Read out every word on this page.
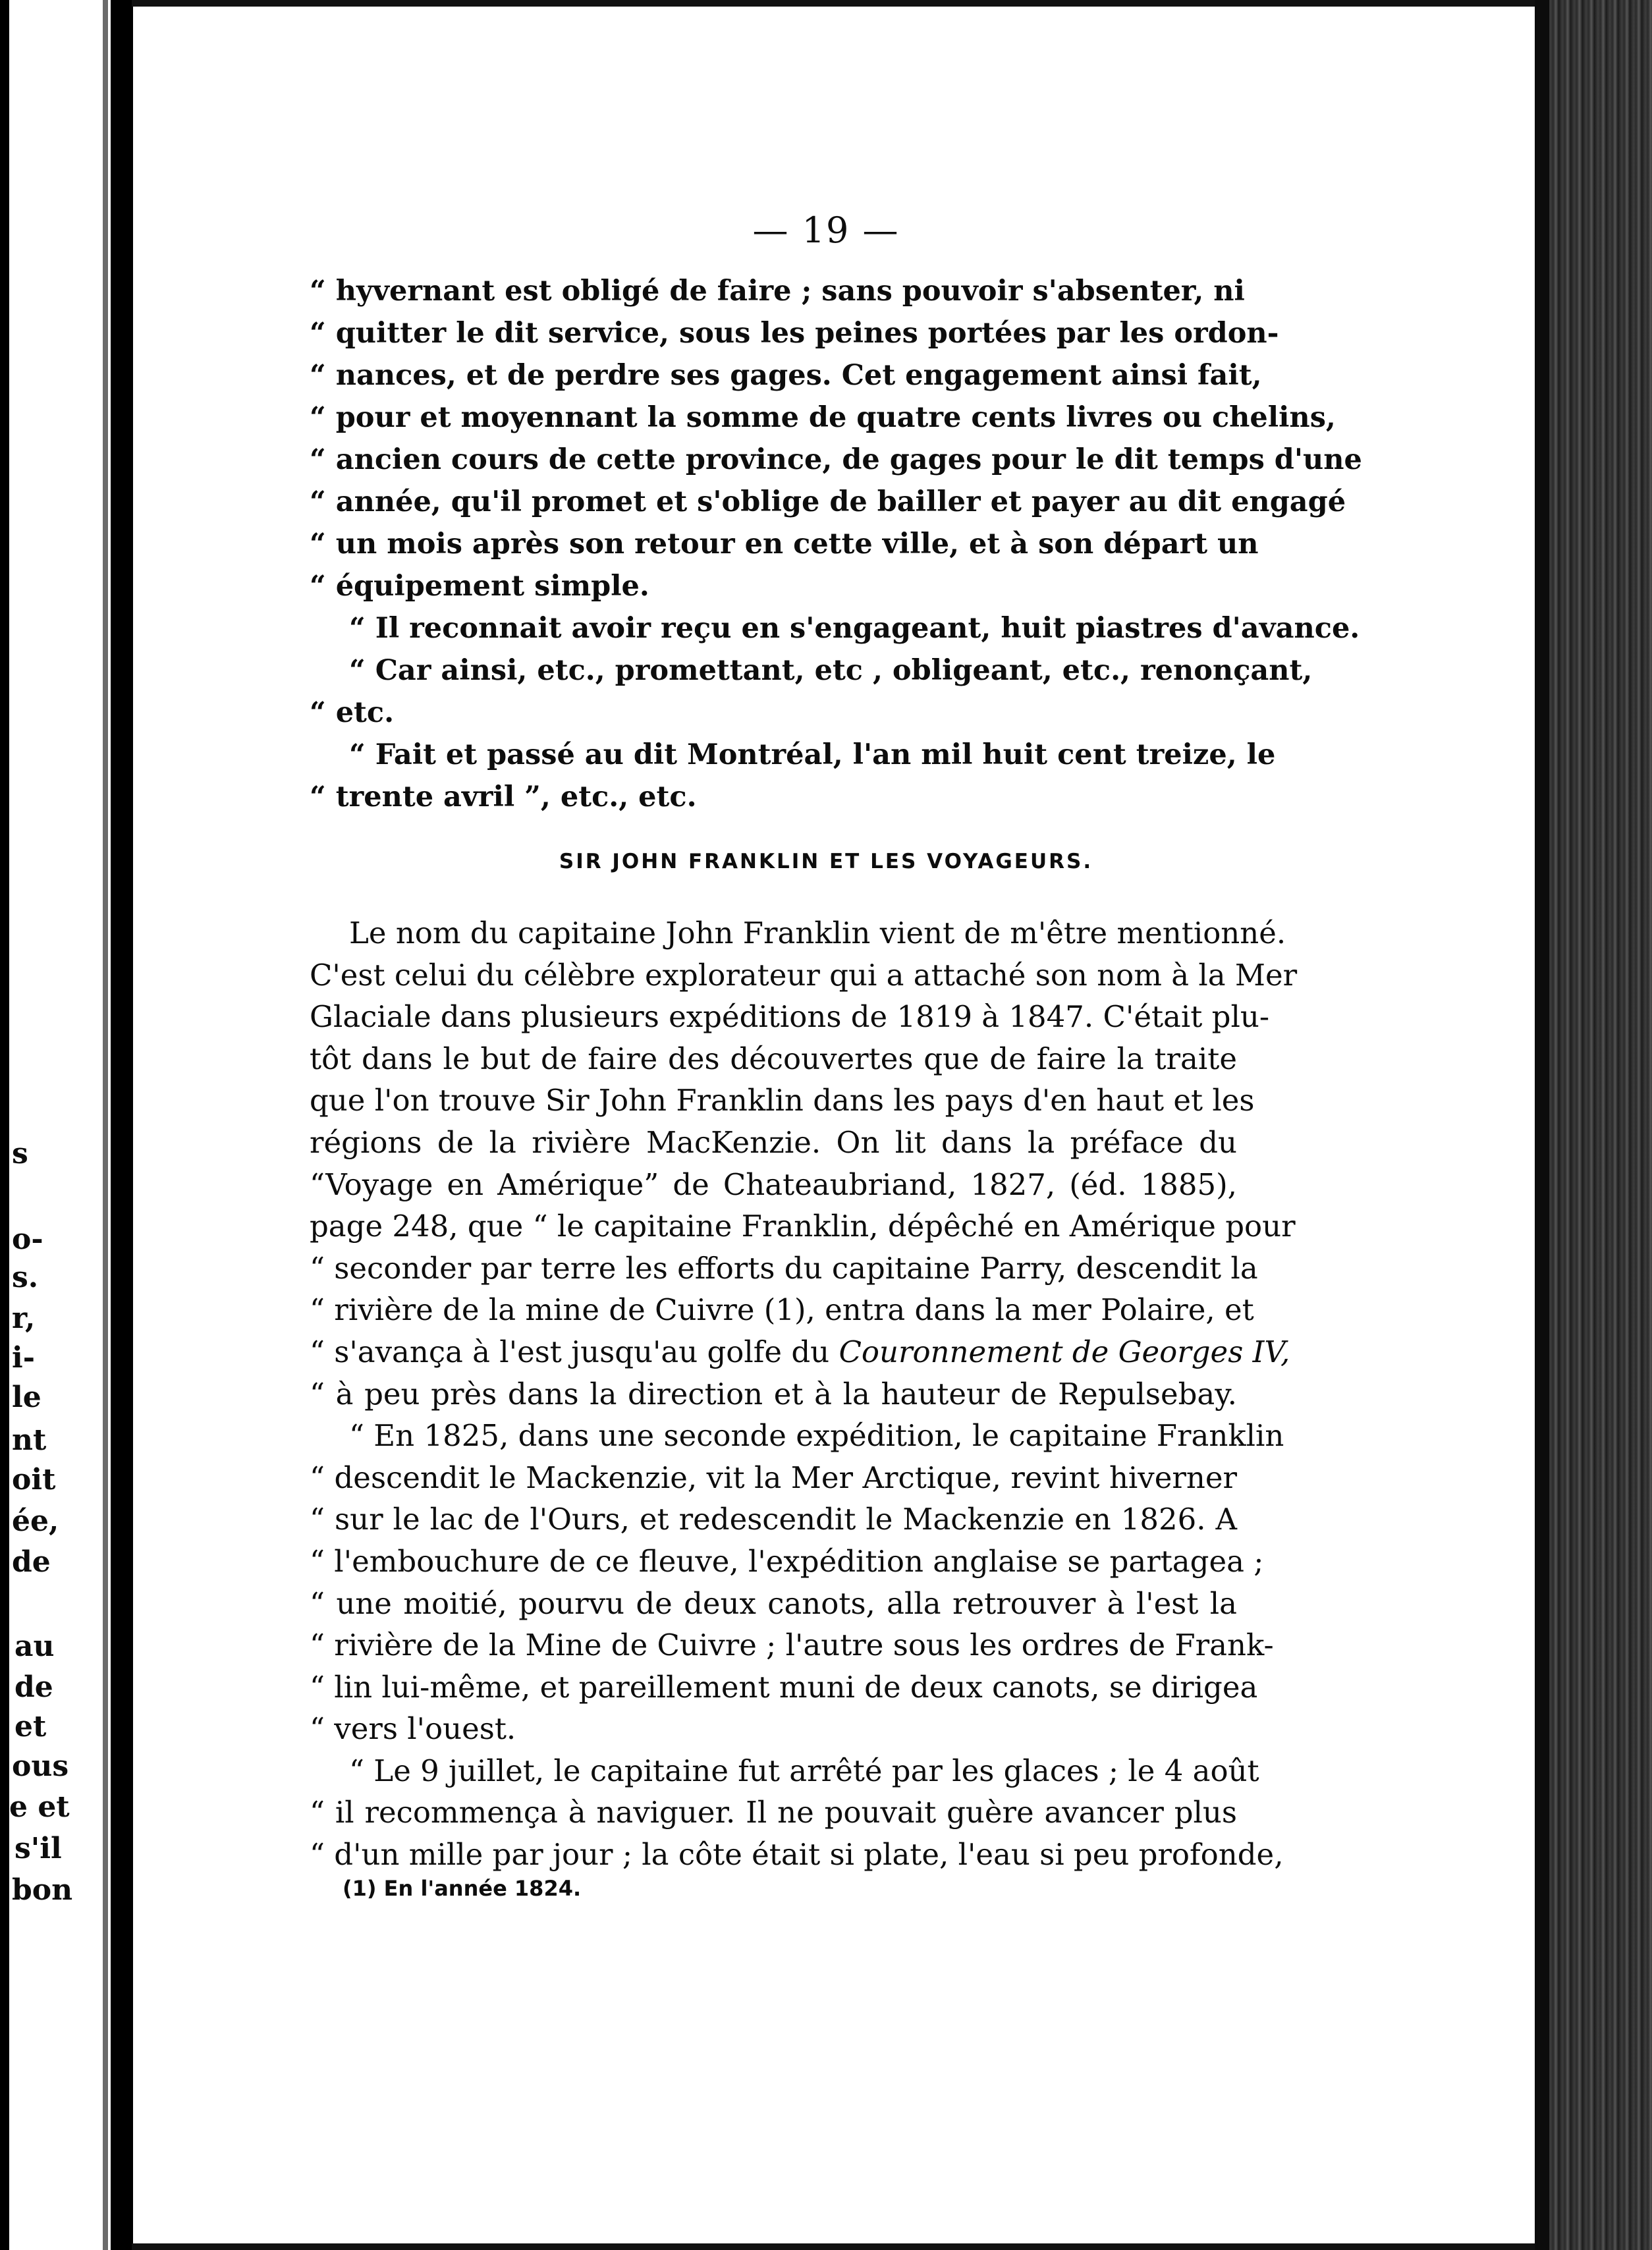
s
o-
s.
r,
i-
le
nt
oit
ée,
de
au
de
et
ous
e et
s'il
bon
— 19 —
“ hyvernant est obligé de faire ; sans pouvoir s'absenter, ni
“ quitter le dit service, sous les peines portées par les ordon-
“ nances, et de perdre ses gages. Cet engagement ainsi fait,
“ pour et moyennant la somme de quatre cents livres ou chelins,
“ ancien cours de cette province, de gages pour le dit temps d'une
“ année, qu'il promet et s'oblige de bailler et payer au dit engagé
“ un mois après son retour en cette ville, et à son départ un
“ équipement simple.
“ Il reconnait avoir reçu en s'engageant, huit piastres d'avance.
“ Car ainsi, etc., promettant, etc , obligeant, etc., renonçant,
“ etc.
“ Fait et passé au dit Montréal, l'an mil huit cent treize, le
“ trente avril ”, etc., etc.
SIR JOHN FRANKLIN ET LES VOYAGEURS.
Le nom du capitaine John Franklin vient de m'être mentionné.
C'est celui du célèbre explorateur qui a attaché son nom à la Mer
Glaciale dans plusieurs expéditions de 1819 à 1847. C'était plu-
tôt dans le but de faire des découvertes que de faire la traite
que l'on trouve Sir John Franklin dans les pays d'en haut et les
régions de la rivière MacKenzie. On lit dans la préface du
“Voyage en Amérique” de Chateaubriand, 1827, (éd. 1885),
page 248, que “ le capitaine Franklin, dépêché en Amérique pour
“ seconder par terre les efforts du capitaine Parry, descendit la
“ rivière de la mine de Cuivre (1), entra dans la mer Polaire, et
“ s'avança à l'est jusqu'au golfe du Couronnement de Georges IV,
“ à peu près dans la direction et à la hauteur de Repulsebay.
“ En 1825, dans une seconde expédition, le capitaine Franklin
“ descendit le Mackenzie, vit la Mer Arctique, revint hiverner
“ sur le lac de l'Ours, et redescendit le Mackenzie en 1826. A
“ l'embouchure de ce fleuve, l'expédition anglaise se partagea ;
“ une moitié, pourvu de deux canots, alla retrouver à l'est la
“ rivière de la Mine de Cuivre ; l'autre sous les ordres de Frank-
“ lin lui-même, et pareillement muni de deux canots, se dirigea
“ vers l'ouest.
“ Le 9 juillet, le capitaine fut arrêté par les glaces ; le 4 août
“ il recommença à naviguer. Il ne pouvait guère avancer plus
“ d'un mille par jour ; la côte était si plate, l'eau si peu profonde,
(1) En l'année 1824.
